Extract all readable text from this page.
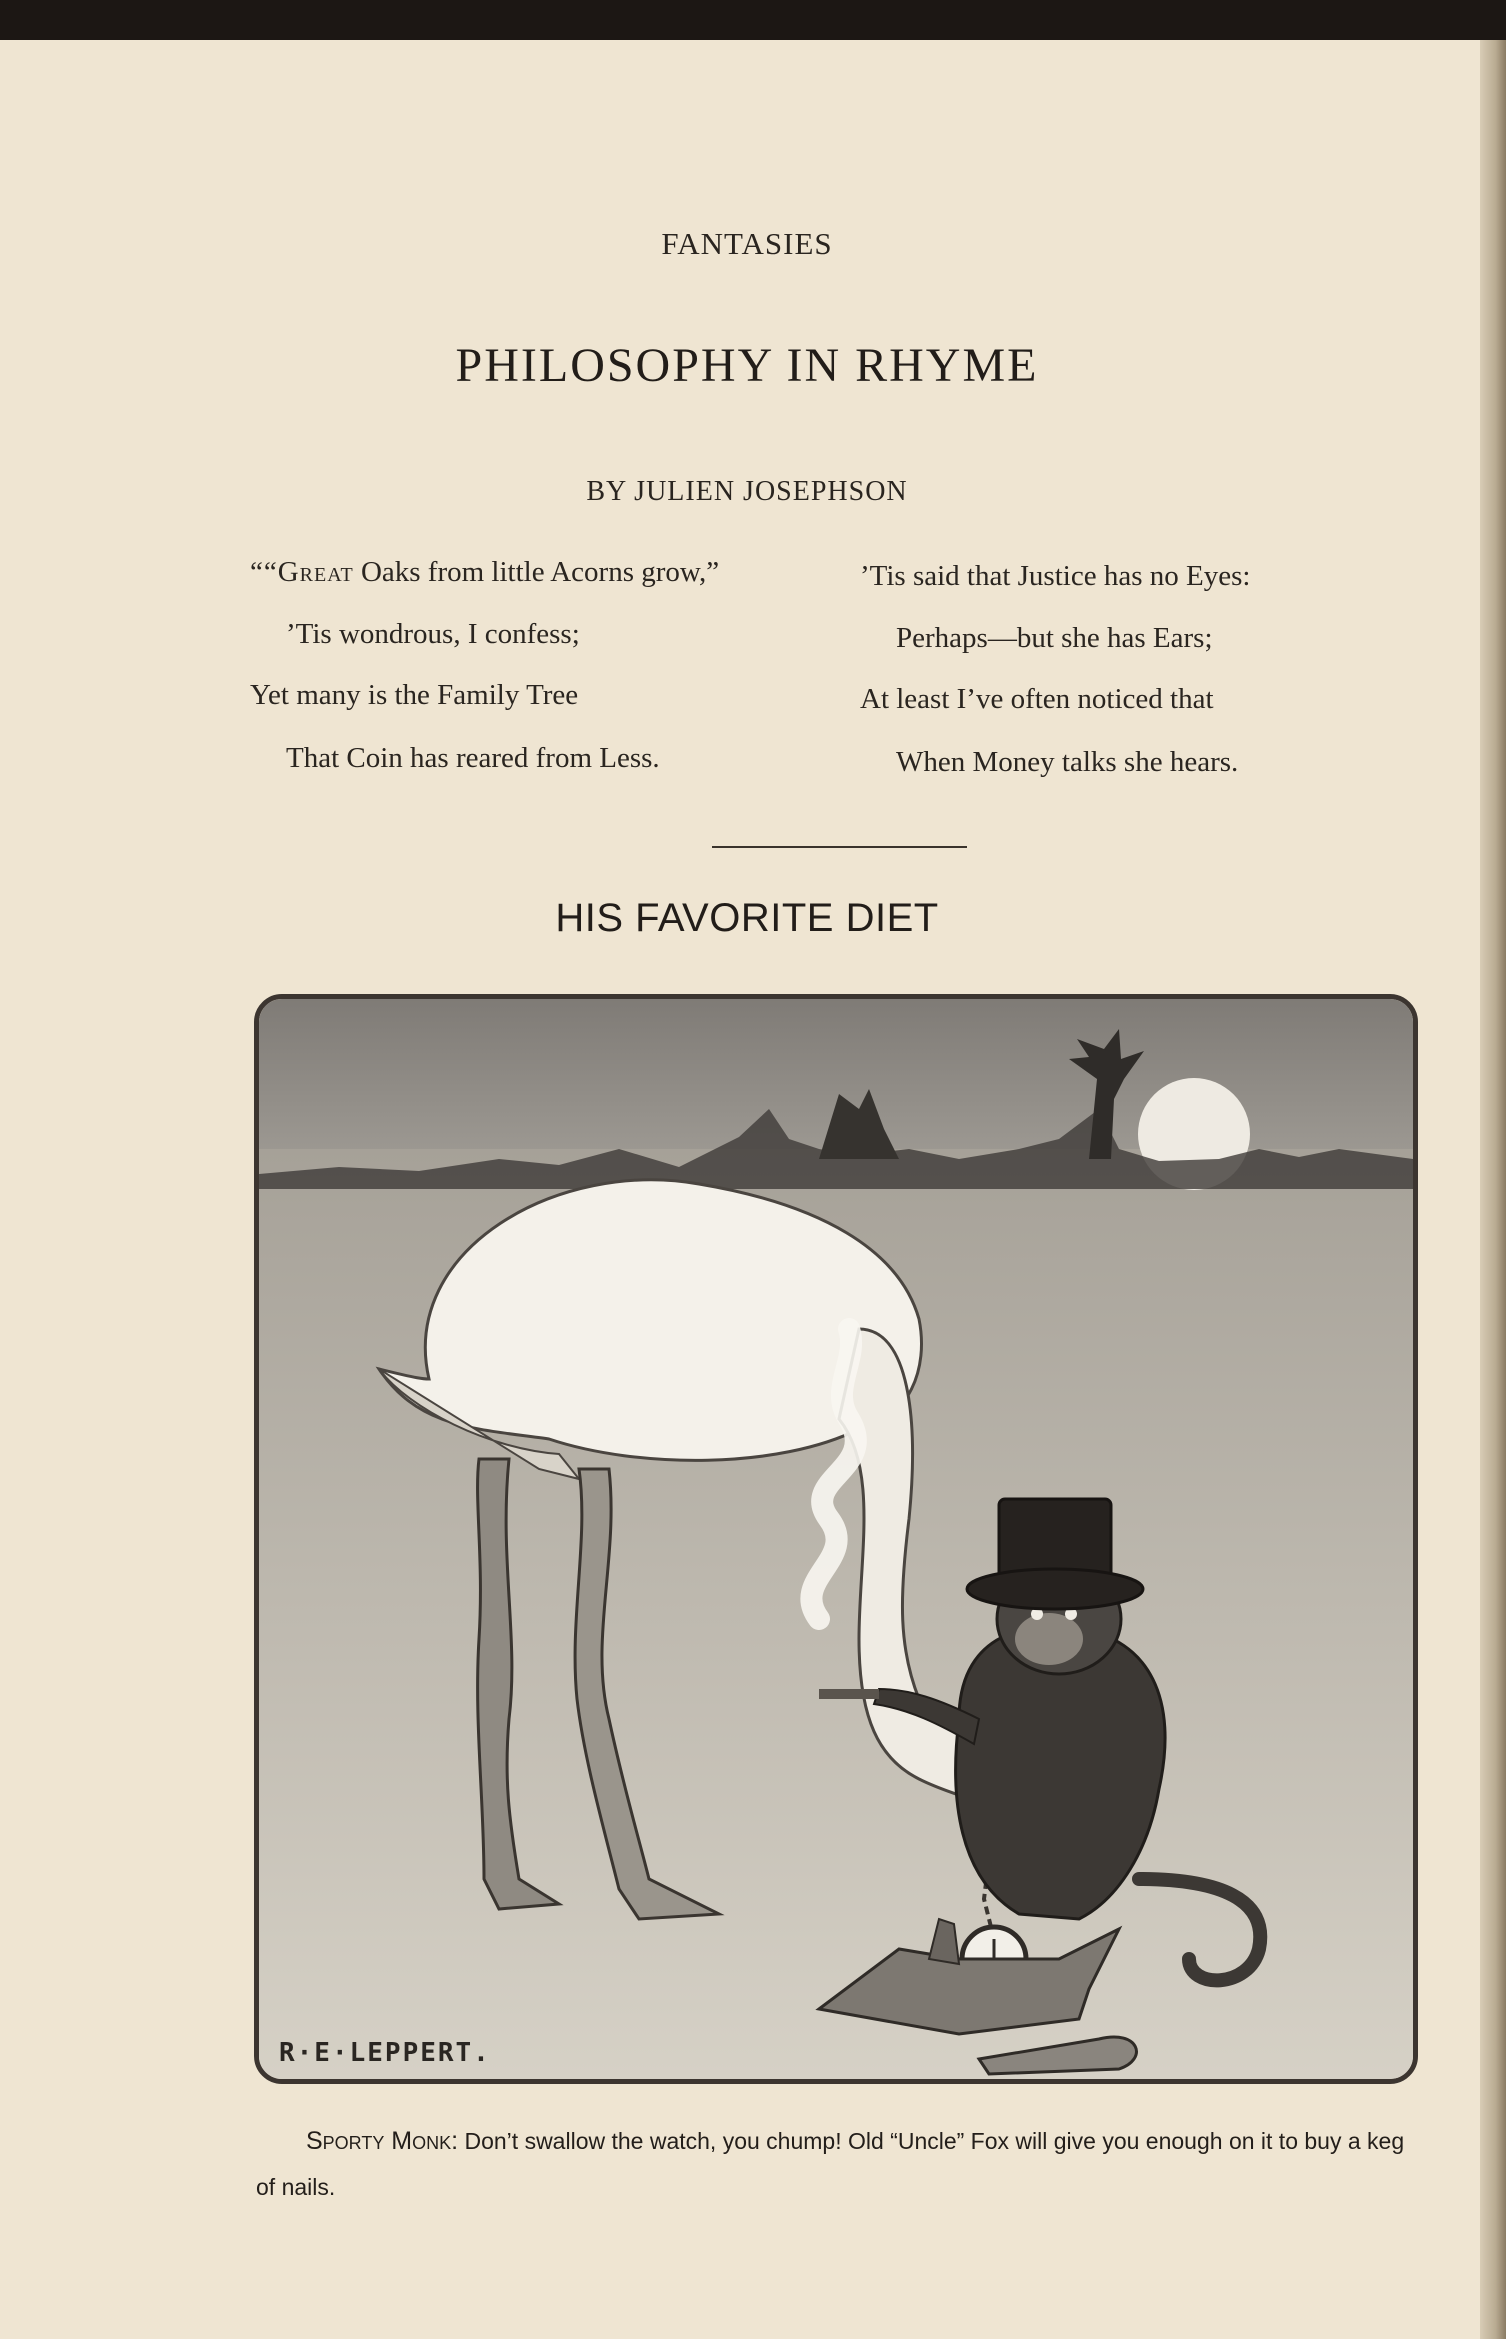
FANTASIES
PHILOSOPHY IN RHYME
BY JULIEN JOSEPHSON
““Great Oaks from little Acorns grow,”
’Tis wondrous, I confess;
Yet many is the Family Tree
That Coin has reared from Less.
’Tis said that Justice has no Eyes:
Perhaps—but she has Ears;
At least I’ve often noticed that
When Money talks she hears.
HIS FAVORITE DIET
R·E·LEPPERT.
Sporty Monk: Don’t swallow the watch, you chump! Old “Uncle” Fox will give you enough on it to buy a keg of nails.
